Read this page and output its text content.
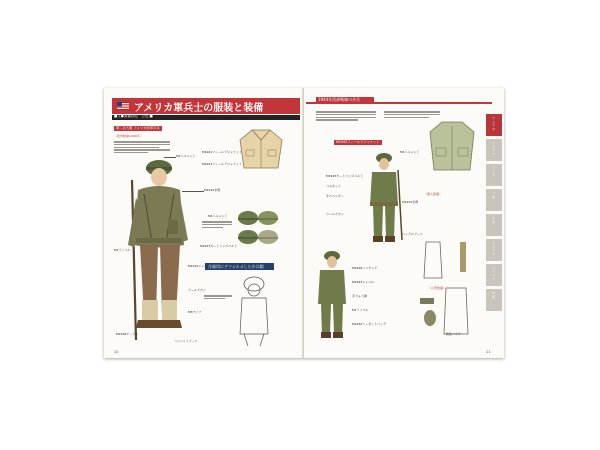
アメリカ軍兵士の服装と装備
■文●高橋昌紀　公長 ■
第二次大戦 アメリカ陸軍歩兵
〈欧州戦線1944年〉
作画用にデフォルメした歩兵帽
M1ヘルメット
M1941フィールドジャケット
M1943フィールドジャケット
M1910水筒
M1ヘルメット
M1923カートリッジベルト
M1ライフル
M1910シャベル
ウールズボン
M3ナイフ
M1938ゲートル
コンバットブーツ
10
1944年西部戦線の歩兵
M1943フィールドジャケット
M1ヘルメット
M1923カートリッジベルト
バヨネット
サスペンダー
ウールズボン
M1910水筒
バックルブーツ
〈個人装備〉
〈小型装備〉
M1928ハバサック
M1943シャベル
手りゅう弾
M1ライフル
M1936ミュゼットバッグ
救急パウチ
アメリカ
イギリス
ドイツ
ソ連
日本
イタリア
フランス
中国
11
